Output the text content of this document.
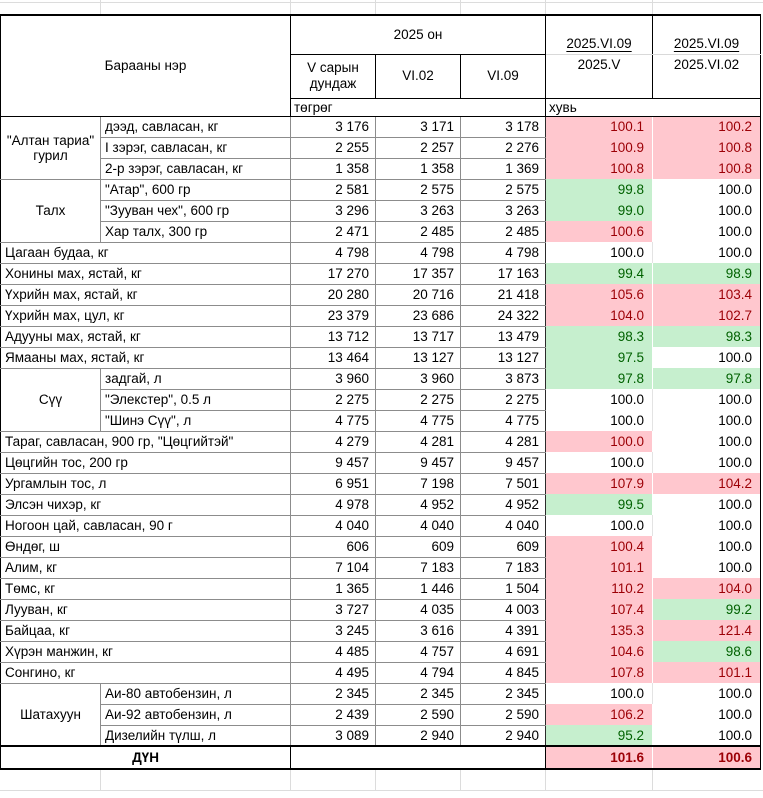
Барааны нэр		2025 он			2025.VI.09	2025.VI.09
		V сарын дундаж	VI.02	VI.09	2025.V	2025.VI.02
		төгрөг			хувь	
"Алтан тариа" гурил	дээд, савласан, кг	3 176	3 171	3 178	100.1	100.2
	I зэрэг, савласан, кг	2 255	2 257	2 276	100.9	100.8
	2-р зэрэг, савласан, кг	1 358	1 358	1 369	100.8	100.8
Талх	"Атар", 600 гр	2 581	2 575	2 575	99.8	100.0
	"Зууван чех", 600 гр	3 296	3 263	3 263	99.0	100.0
	Хар талх, 300 гр	2 471	2 485	2 485	100.6	100.0
Цагаан будаа, кг		4 798	4 798	4 798	100.0	100.0
Хонины мах, ястай, кг		17 270	17 357	17 163	99.4	98.9
Үхрийн мах, ястай, кг		20 280	20 716	21 418	105.6	103.4
Үхрийн мах, цул, кг		23 379	23 686	24 322	104.0	102.7
Адууны мах, ястай, кг		13 712	13 717	13 479	98.3	98.3
Ямааны мах, ястай, кг		13 464	13 127	13 127	97.5	100.0
Сүү	задгай, л	3 960	3 960	3 873	97.8	97.8
	"Элекстер", 0.5 л	2 275	2 275	2 275	100.0	100.0
	"Шинэ Сүү", л	4 775	4 775	4 775	100.0	100.0
Тараг, савласан, 900 гр, "Цөцгийтэй"		4 279	4 281	4 281	100.0	100.0
Цөцгийн тос, 200 гр		9 457	9 457	9 457	100.0	100.0
Ургамлын тос, л		6 951	7 198	7 501	107.9	104.2
Элсэн чихэр, кг		4 978	4 952	4 952	99.5	100.0
Ногоон цай, савласан, 90 г		4 040	4 040	4 040	100.0	100.0
Өндөг, ш		606	609	609	100.4	100.0
Алим, кг		7 104	7 183	7 183	101.1	100.0
Төмс, кг		1 365	1 446	1 504	110.2	104.0
Лууван, кг		3 727	4 035	4 003	107.4	99.2
Байцаа, кг		3 245	3 616	4 391	135.3	121.4
Хүрэн манжин, кг		4 485	4 757	4 691	104.6	98.6
Сонгино, кг		4 495	4 794	4 845	107.8	101.1
Шатахуун	Аи-80 автобензин, л	2 345	2 345	2 345	100.0	100.0
	Аи-92 автобензин, л	2 439	2 590	2 590	106.2	100.0
	Дизелийн түлш, л	3 089	2 940	2 940	95.2	100.0
ДҮН					101.6	100.6
